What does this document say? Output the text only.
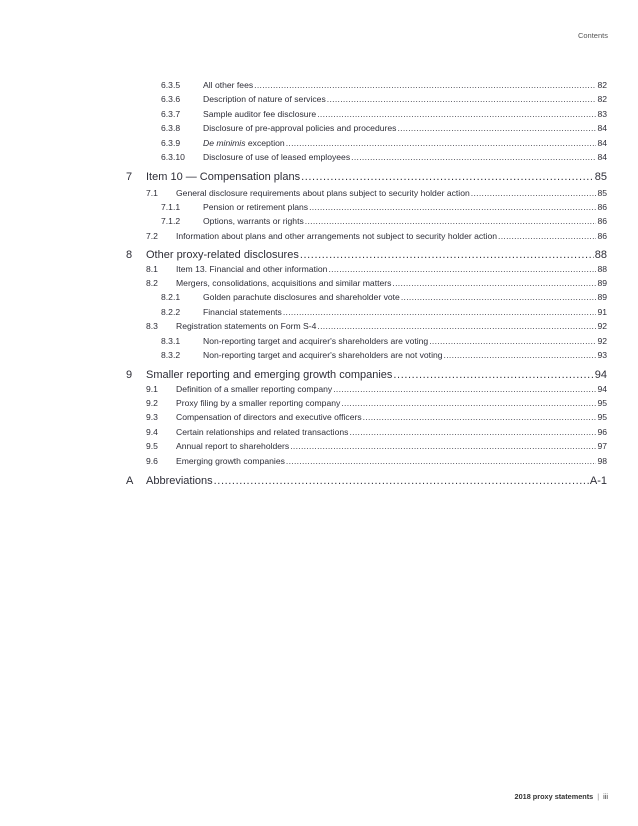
Contents
6.3.5	All other fees .....	82
6.3.6	Description of nature of services .....	82
6.3.7	Sample auditor fee disclosure .....	83
6.3.8	Disclosure of pre-approval policies and procedures .....	84
6.3.9	De minimis exception .....	84
6.3.10	Disclosure of use of leased employees .....	84
7	Item 10 — Compensation plans .....	85
7.1	General disclosure requirements about plans subject to security holder action .....	85
7.1.1	Pension or retirement plans .....	86
7.1.2	Options, warrants or rights .....	86
7.2	Information about plans and other arrangements not subject to security holder action .....	86
8	Other proxy-related disclosures .....	88
8.1	Item 13. Financial and other information .....	88
8.2	Mergers, consolidations, acquisitions and similar matters .....	89
8.2.1	Golden parachute disclosures and shareholder vote .....	89
8.2.2	Financial statements .....	91
8.3	Registration statements on Form S-4 .....	92
8.3.1	Non-reporting target and acquirer's shareholders are voting .....	92
8.3.2	Non-reporting target and acquirer's shareholders are not voting .....	93
9	Smaller reporting and emerging growth companies .....	94
9.1	Definition of a smaller reporting company .....	94
9.2	Proxy filing by a smaller reporting company .....	95
9.3	Compensation of directors and executive officers .....	95
9.4	Certain relationships and related transactions .....	96
9.5	Annual report to shareholders .....	97
9.6	Emerging growth companies .....	98
A	Abbreviations .....	A-1
2018 proxy statements | iii
